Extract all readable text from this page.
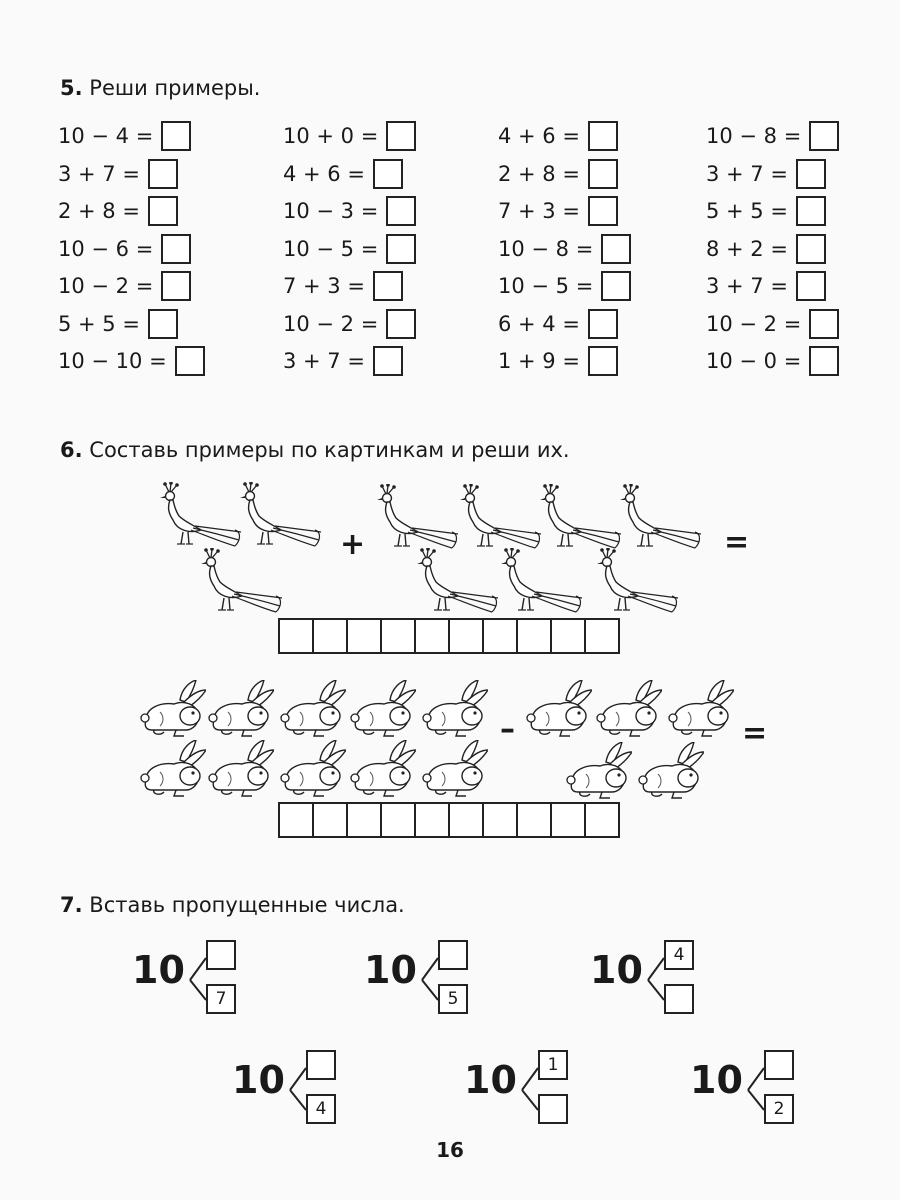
5. Реши примеры.
10 − 4 =	10 + 0 =	4 + 6 =	10 − 8 =
3 + 7 =	4 + 6 =	2 + 8 =	3 + 7 =
2 + 8 =	10 − 3 =	7 + 3 =	5 + 5 =
10 − 6 =	10 − 5 =	10 − 8 =	8 + 2 =
10 − 2 =	7 + 3 =	10 − 5 =	3 + 7 =
5 + 5 =	10 − 2 =	6 + 4 =	10 − 2 =
10 − 10 =	3 + 7 =	1 + 9 =	10 − 0 =
6. Составь примеры по картинкам и реши их.
+	=
–	=
7. Вставь пропущенные числа.
10
7
10
5
10	4
10
4
10	1	10
2
16
